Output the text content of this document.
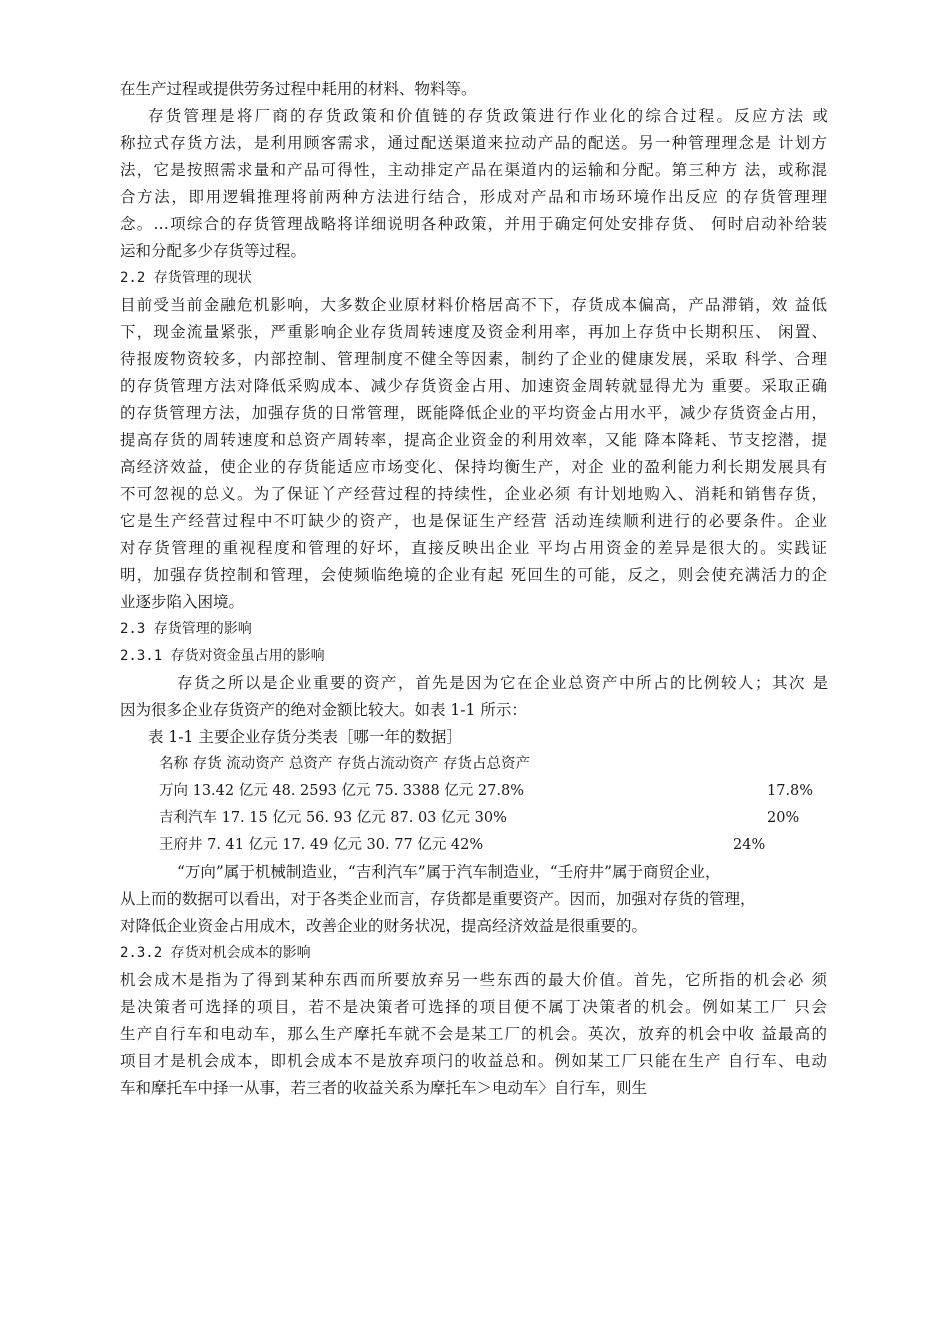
在生产过程或提供劳务过程中耗用的材料、物料等。
存货管理是将厂商的存货政策和价值链的存货政策进行作业化的综合过程。反应方法 或
称拉式存货方法，是利用顾客需求，通过配送渠道来拉动产品的配送。另一种管理理念是 计划方
法，它是按照需求量和产品可得性，主动排定产品在渠道内的运输和分配。第三种方 法，或称混
合方法，即用逻辑推理将前两种方法进行结合，形成对产品和市场环境作出反应 的存货管理理
念。…项综合的存货管理战略将详细说明各种政策，并用于确定何处安排存货、 何时启动补给装
运和分配多少存货等过程。
2.2 存货管理的现状
目前受当前金融危机影响，大多数企业原材料价格居高不下，存货成本偏高，产品滞销，效 益低
下，现金流量紧张，严重影响企业存货周转速度及资金利用率，再加上存货中长期积压、 闲置、
待报废物资较多，内部控制、管理制度不健全等因素，制约了企业的健康发展，采取 科学、合理
的存货管理方法对降低采购成本、减少存货资金占用、加速资金周转就显得尤为 重要。采取正确
的存货管理方法，加强存货的日常管理，既能降低企业的平均资金占用水平，减少存货资金占用，
提高存货的周转速度和总资产周转率，提高企业资金的利用效率，又能 降本降耗、节支挖潜，提
高经济效益，使企业的存货能适应市场变化、保持均衡生产，对企 业的盈利能力利长期发展具有
不可忽视的总义。为了保证丫产经营过程的持续性，企业必须 有计划地购入、消耗和销售存货，
它是生产经营过程中不叮缺少的资产，也是保证生产经营 活动连续顺利进行的必要条件。企业
对存货管理的重视程度和管理的好坏，直接反映出企业 平均占用资金的差异是很大的。实践证
明，加强存货控制和管理，会使频临绝境的企业有起 死回生的可能，反之，则会使充满活力的企
业逐步陷入困境。
2.3 存货管理的影响
2.3.1 存货对资金虽占用的影响
存货之所以是企业重要的资产，首先是因为它在企业总资产中所占的比例较人；其次 是
因为很多企业存货资产的绝对金额比较大。如表 1-1 所示：
表 1-1 主要企业存货分类表［哪一年的数据］
名称 存货 流动资产 总资产 存货占流动资产 存货占总资产
万向 13.42 亿元 48. 2593 亿元 75. 3388 亿元 27.8%	17.8%
吉利汽车 17. 15 亿元 56. 93 亿元 87. 03 亿元 30%	20%
王府井 7. 41 亿元 17. 49 亿元 30. 77 亿元 42%	24%
“万向”属于机械制造业，“吉利汽车”属于汽车制造业，“壬府井”属于商贸企业，
从上而的数据可以看出，对于各类企业而言，存货都是重要资产。因而，加强对存货的管理，
对降低企业资金占用成木，改善企业的财务状况，提高经济效益是很重要的。
2.3.2 存货对机会成本的影响
机会成木是指为了得到某种东西而所要放弃另一些东西的最大价值。首先，它所指的机会必 须
是决策者可选择的项目，若不是决策者可选择的项目便不属丁决策者的机会。例如某工厂 只会
生产自行车和电动车，那么生产摩托车就不会是某工厂的机会。英次，放弃的机会中收 益最高的
项目才是机会成本，即机会成本不是放弃项闩的收益总和。例如某工厂只能在生产 自行车、电动
车和摩托车中择一从事，若三者的收益关系为摩托车＞电动车〉自行车，则生
